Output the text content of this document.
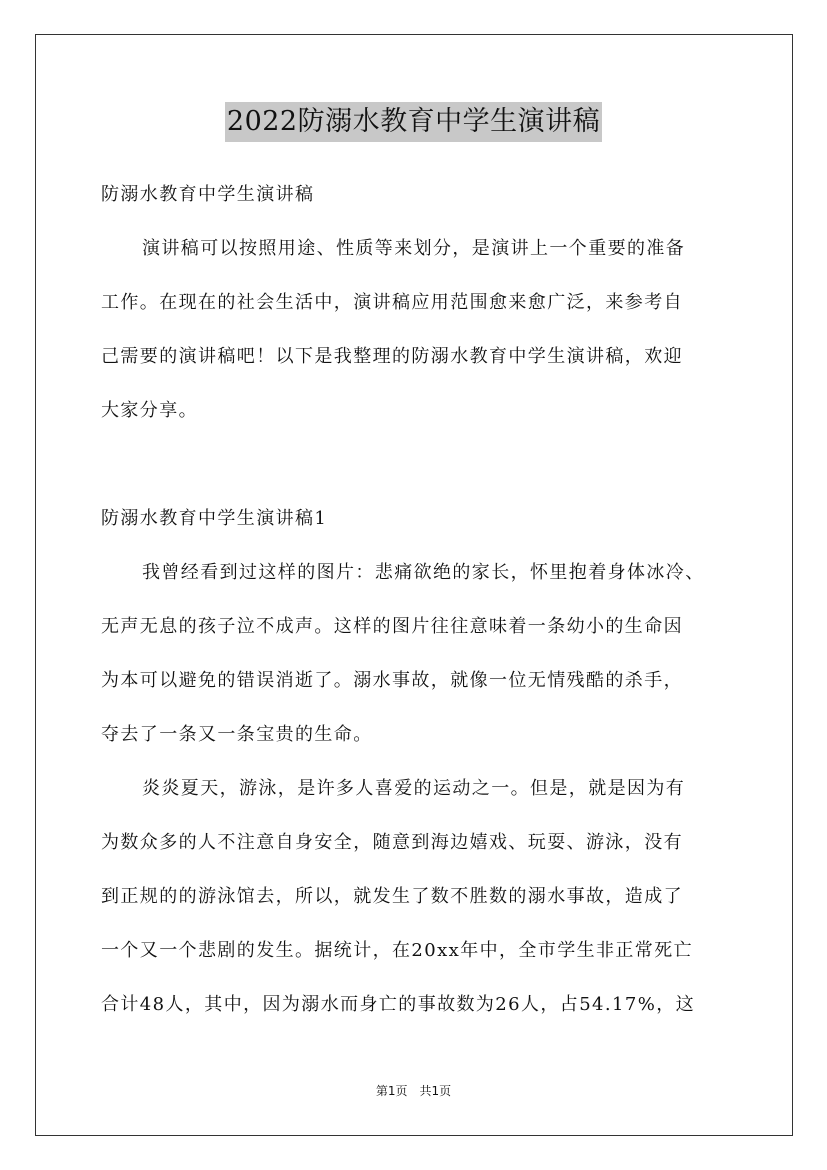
2022防溺水教育中学生演讲稿
防溺水教育中学生演讲稿
演讲稿可以按照用途、性质等来划分，是演讲上一个重要的准备
工作。在现在的社会生活中，演讲稿应用范围愈来愈广泛，来参考自
己需要的演讲稿吧！以下是我整理的防溺水教育中学生演讲稿，欢迎
大家分享。
防溺水教育中学生演讲稿1
我曾经看到过这样的图片：悲痛欲绝的家长，怀里抱着身体冰冷、
无声无息的孩子泣不成声。这样的图片往往意味着一条幼小的生命因
为本可以避免的错误消逝了。溺水事故，就像一位无情残酷的杀手，
夺去了一条又一条宝贵的生命。
炎炎夏天，游泳，是许多人喜爱的运动之一。但是，就是因为有
为数众多的人不注意自身安全，随意到海边嬉戏、玩耍、游泳，没有
到正规的的游泳馆去，所以，就发生了数不胜数的溺水事故，造成了
一个又一个悲剧的发生。据统计，在20xx年中，全市学生非正常死亡
合计48人，其中，因为溺水而身亡的事故数为26人，占54.17%，这
第1页　共1页
